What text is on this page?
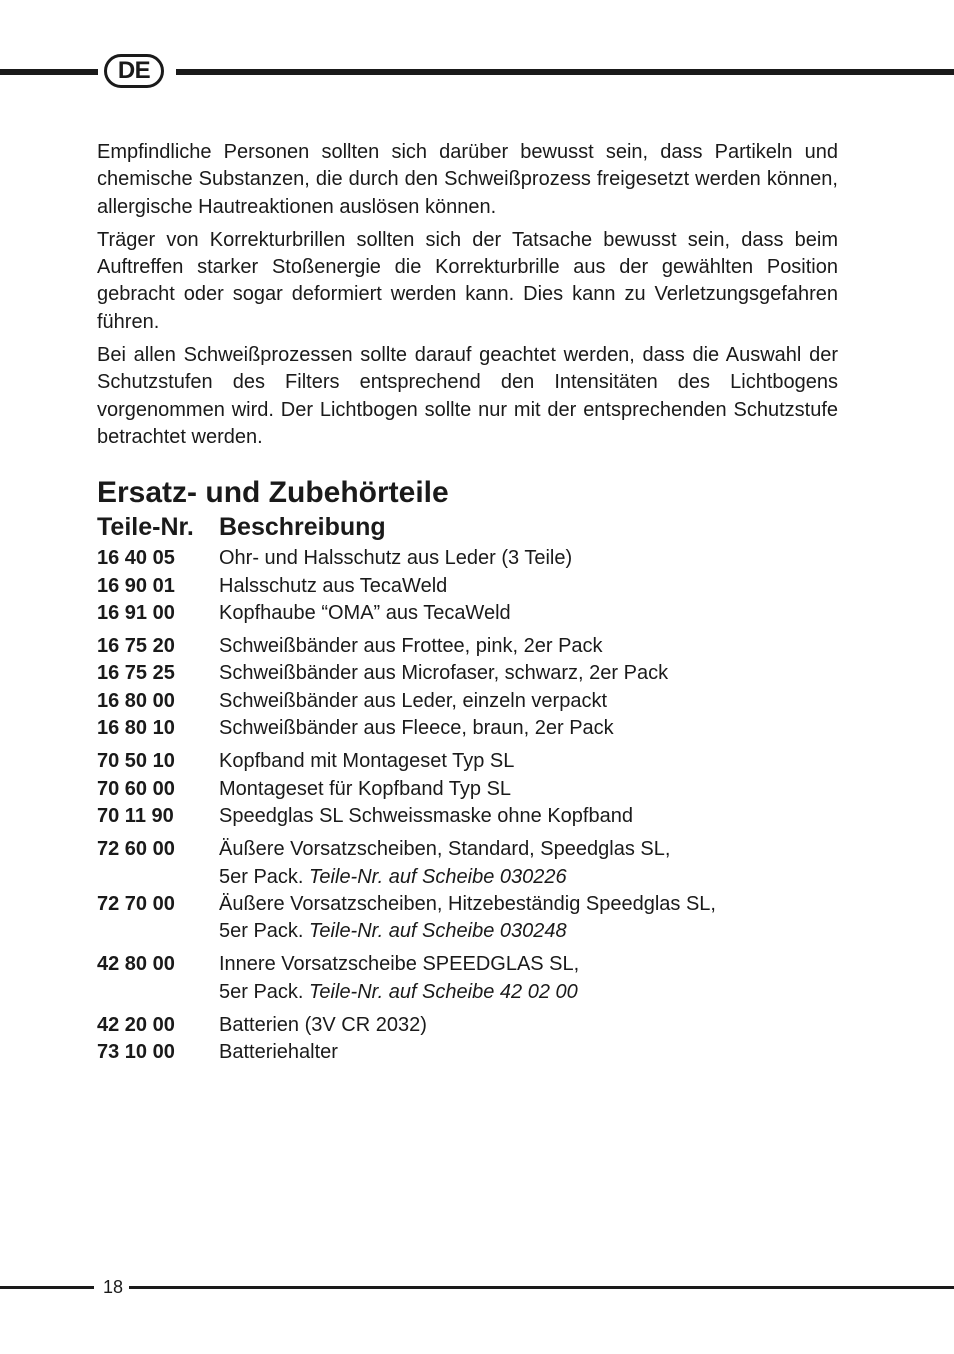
DE

Empfindliche Personen sollten sich darüber bewusst sein, dass Partikeln und chemische Substanzen, die durch den Schweißprozess freigesetzt werden können, allergische Hautreaktionen auslösen können.

Träger von Korrekturbrillen sollten sich der Tatsache bewusst sein, dass beim Auftreffen starker Stoßenergie die Korrekturbrille aus der gewählten Position gebracht oder sogar deformiert werden kann. Dies kann zu Verletzungsgefahren führen.

Bei allen Schweißprozessen sollte darauf geachtet werden, dass die Auswahl der Schutzstufen des Filters entsprechend den Intensitäten des Lichtbogens vorgenommen wird. Der Lichtbogen sollte nur mit der entsprechenden Schutzstufe betrachtet werden.

Ersatz- und Zubehörteile
Teile-Nr.	Beschreibung
16 40 05	Ohr- und Halsschutz aus Leder (3 Teile)
16 90 01	Halsschutz aus TecaWeld
16 91 00	Kopfhaube “OMA” aus TecaWeld
16 75 20	Schweißbänder aus Frottee, pink, 2er Pack
16 75 25	Schweißbänder aus Microfaser, schwarz, 2er Pack
16 80 00	Schweißbänder aus Leder, einzeln verpackt
16 80 10	Schweißbänder aus Fleece, braun, 2er Pack
70 50 10	Kopfband mit Montageset Typ SL
70 60 00	Montageset für Kopfband Typ SL
70 11 90	Speedglas SL Schweissmaske ohne Kopfband
72 60 00	Äußere Vorsatzscheiben, Standard, Speedglas SL,
5er Pack. Teile-Nr. auf Scheibe 030226
72 70 00	Äußere Vorsatzscheiben, Hitzebeständig Speedglas SL,
5er Pack. Teile-Nr. auf Scheibe 030248
42 80 00	Innere Vorsatzscheibe SPEEDGLAS SL,
5er Pack. Teile-Nr. auf Scheibe 42 02 00
42 20 00	Batterien (3V CR 2032)
73 10 00	Batteriehalter
18
